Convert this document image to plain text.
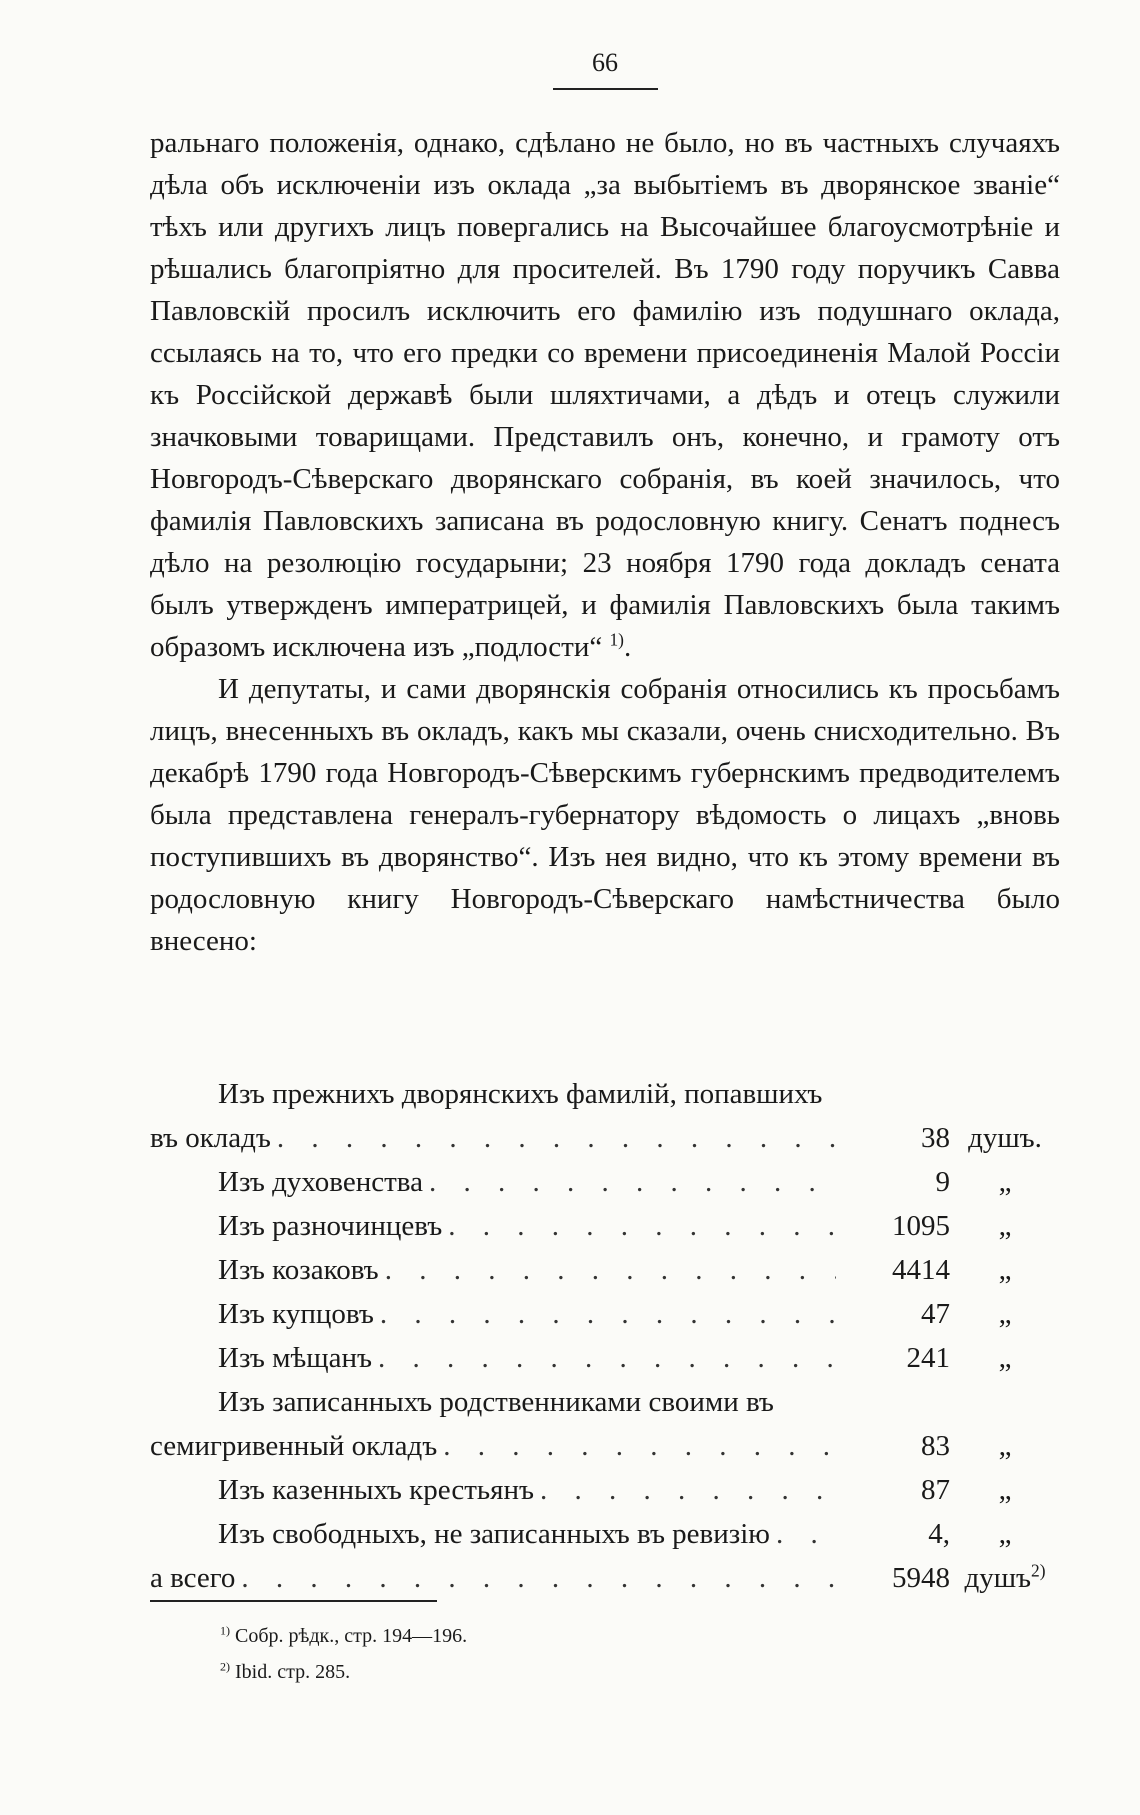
66

ральнаго положенія, однако, сдѣлано не было, но въ частныхъ случаяхъ дѣла объ исключеніи изъ оклада „за выбытіемъ въ дворянское званіе“ тѣхъ или другихъ лицъ повергались на Высочайшее благоусмотрѣніе и рѣшались благопріятно для просителей. Въ 1790 году поручикъ Савва Павловскій просилъ исключить его фамилію изъ подушнаго оклада, ссылаясь на то, что его предки со времени присоединенія Малой Россіи къ Россійской державѣ были шляхтичами, а дѣдъ и отецъ служили значковыми товарищами. Представилъ онъ, конечно, и грамоту отъ Новгородъ-Сѣверскаго дворянскаго собранія, въ коей значилось, что фамилія Павловскихъ записана въ родословную книгу. Сенатъ поднесъ дѣло на резолюцію государыни; 23 ноября 1790 года докладъ сената былъ утвержденъ императрицей, и фамилія Павловскихъ была такимъ образомъ исключена изъ „подлости“ $^{1)}$.

И депутаты, и сами дворянскія собранія относились къ просьбамъ лицъ, внесенныхъ въ окладъ, какъ мы сказали, очень снисходительно. Въ декабрѣ 1790 года Новгородъ-Сѣверскимъ губернскимъ предводителемъ была представлена генералъ-губернатору вѣдомость о лицахъ „вновь поступившихъ въ дворянство“. Изъ нея видно, что къ этому времени въ родословную книгу Новгородъ-Сѣверскаго намѣстничества было внесено:

Изъ прежнихъ дворянскихъ фамилій, попавшихъ
въ окладъ . . .	38 душъ.
Изъ духовенства . . .	9	„
Изъ разночинцевъ . . .	1095	„
Изъ козаковъ . . .	4414	„
Изъ купцовъ . . .	47	„
Изъ мѣщанъ . . .	241	„
Изъ записанныхъ родственниками своими въ
семигривенный окладъ . . .	83	„
Изъ казенныхъ крестьянъ . . .	87	„
Изъ свободныхъ, не записанныхъ въ ревизію . . .	4,	„
а всего . . .	5948 душъ$^{2)}$

$^{1)}$ Собр. рѣдк., стр. 194—196.

$^{2)}$ Ibid. стр. 285.
